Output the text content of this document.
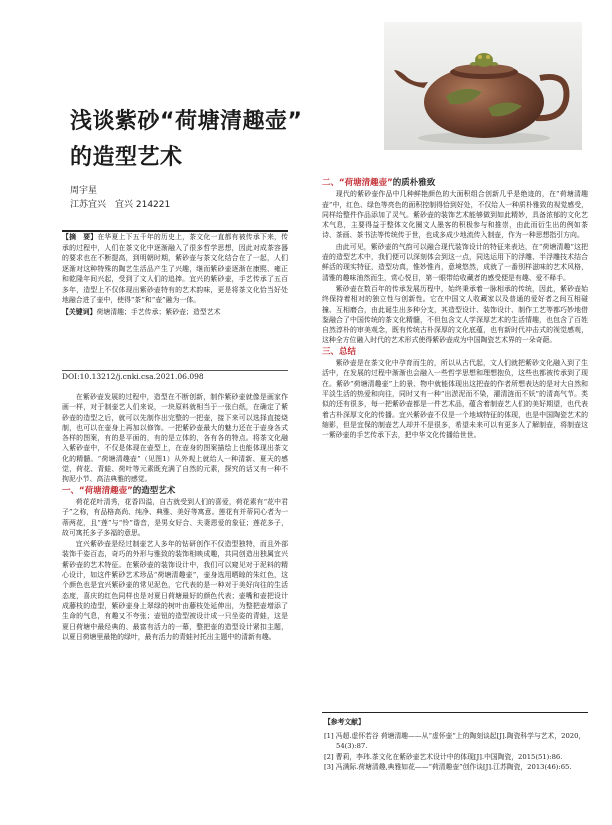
浅谈紫砂“荷塘清趣壶”
的造型艺术
周宇星
江苏宜兴　宜兴 214221

【摘　要】在华夏上下五千年的历史上，茶文化一直都有被传承下来，传承的过程中，人们在茶文化中逐渐融入了很多哲学思想，因此对成茶容器的要求也在不断提高，到明朝时期，紫砂壶与茶文化结合在了一起，人们逐渐对这种特殊的陶艺生活品产生了兴趣，继而紫砂壶逐渐在康熙、雍正和乾隆年间兴起，受到了文人们的追捧。宜兴的紫砂壶，手艺传承了五百多年，造型上不仅体现出紫砂壶特有的艺术韵味，更是将茶文化恰当好处地融合进了壶中，使得“茶”和“壶”融为一体。

【关键词】荷塘清趣；手艺传承；紫砂壶；造型艺术

DOI:10.13212/j.cnki.csa.2021.06.098

在紫砂壶发展的过程中，造型在不断创新，制作紫砂壶就像是画家作画一样，对于制壶艺人们来说，一块原料就相当于一张白纸，在确定了紫砂壶的造型之后，就可以先制作出完整的一把壶，接下来可以选择直接烧制，也可以在壶身上再加以修饰。一把紫砂壶最大的魅力还在于壶身各式各样的图案，有的是平面的，有的是立体的，各有各的特点。将茶文化融入紫砂壶中，不仅是体现在壶型上，在壶身的图案描绘上也能体现出茶文化的精髓。“荷塘清趣壶”（见图1）从外观上就给人一种清新、夏天的感觉，荷花、青蛙、荷叶等元素既充满了自然的元素，探究的话又有一种不拘泥小节、高洁典雅的感觉。

一、“荷塘清趣壶”的造型艺术

荷花花叶清秀，花香四溢，自古就受到人们的喜爱，荷花素有“花中君子”之称，有品格高尚、纯净、典雅、美好等寓意。莲花有并蒂同心者为一蒂两花，且“莲”与“怜”谐音，是男女好合、夫妻恩爱的象征；莲花多子，故可寓托多子多福的意思。

宜兴紫砂壶是经过制壶艺人多年的钻研创作不仅造型独特，而且外部装饰千姿百态，奇巧的外形与雅致的装饰相映成趣，共同创造出独属宜兴紫砂壶的艺术特征。在紫砂壶的装饰设计中，我们可以窥见对于泥料的精心设计，如这件紫砂艺术珍品“荷塘清趣壶”，壶身选用晒晾的朱红色，这个颜色也是宜兴紫砂壶的常见泥色，它代表的是一种对于美好向往的生活态度，喜庆的红色同样也是对夏日荷塘最好的颜色代表；壶嘴和壶把设计成藤枝的造型，紫砂壶身上翠绿的树叶由藤枝处延伸出，为整把壶增添了生命的气息，有趣又不夸张；壶钮的造型被设计成一只坐姿的青蛙，这是夏日荷塘中最经典的、最富有活力的一幕，整把壶的造型设计紧扣主题，以夏日荷塘里最艳的绿叶，最有活力的青蛙衬托出主题中的清新有趣。

二、“荷塘清趣壶”的质朴雅致

现代的紫砂壶作品中几种鲜艳颜色的大面积组合创新几乎是绝迹的，在“荷塘清趣壶”中，红色、绿色等亮色的面积控制得恰到好处，不仅给人一种质朴雅致的视觉感受，同样给整件作品添加了灵气。紫砂壶的装饰艺术能够做到如此精妙，具备浓郁的文化艺术气息，主要得益于整体文化圈文人墨客的积极参与和推崇，由此而衍生出的例如茶诗、茶画、茶书法等传统传于世，也成多成少地流传入制壶，作为一种思想指引方向。

由此可见，紫砂壶的气韵可以融合现代装饰设计的特征来表达，在“荷塘清趣”这把壶的造型艺术中，我们便可以深刻体会到这一点，同选运用下的浮雕、半浮雕技术结合鲜活的现实特征，造型功真，惟妙惟肖，意境悠然，成就了一番别样滋味的艺术风格，清雅的趣味油然而生，赏心悦目，第一眼带给收藏者的感受便是有趣、爱不释手。

紫砂壶在数百年的传承发展历程中，始终秉承着一脉相承的传统，因此，紫砂壶始终保持着相对的独立性与创新性。它在中国文人收藏家以及普通的爱好者之间互相碰撞、互相磨合，由此诞生出多种分支，其造型设计、装饰设计、制作工艺等都巧妙地借鉴融合了中国传统的茶文化精髓，不但包含文人学深厚艺术的生活情趣，也包含了百姓自然淳朴的审美观念，既有传统古朴深厚的文化底蕴，也有新时代冲击式的视觉感观，这种全方位融入时代的艺术形式使得紫砂壶成为中国陶瓷艺术界的一朵奇葩。

三、总结

紫砂壶是在茶文化中孕育而生的，所以从古代起，文人们就把紫砂文化融入到了生活中，在发展的过程中渐渐也会融入一些哲学思想和理想抱负，这些也都被传承到了现在。紫砂“荷塘清趣壶”上的景、物中就能体现出这把壶的作者所想表达的是对大自然和平淡生活的热爱和向往，同时又有一种“出淤泥而不染，濯清涟而不妖”的清高气节。类似的还有很多，每一把紫砂壶都是一件艺术品，蕴含着制壶艺人们的美好期望，也代表着古朴深厚文化的传播。宜兴紫砂壶不仅是一个地域特征的体现，也是中国陶瓷艺术的缩影，但是宜保的制壶艺人却并不是很多，希望未来可以有更多人了解制壶，将制壶这一紫砂壶的手艺传承下去，把中华文化传播给世世。

【参考文献】

[1] 冯超.虚怀若谷 荷塘清趣——从“虚怀壶”上的陶刻谈起[J].陶瓷科学与艺术，2020，54(3):87.

[2] 曹莉，李玮.茶文化在紫砂壶艺术设计中的体现[J].中国陶瓷，2015(51):86.

[3] 冯满际.荷塘清趣,典雅如花——“荷清趣壶”创作谈[J].江苏陶瓷，2013(46):65.
